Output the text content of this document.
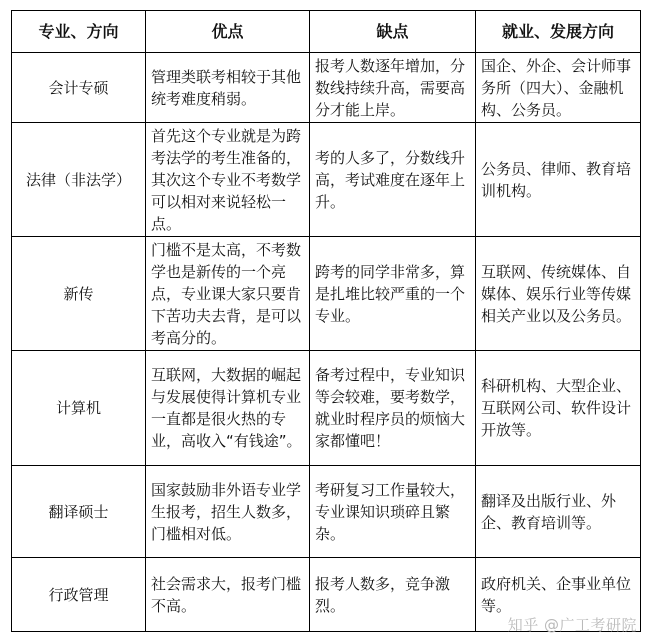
专业、方向	优点	缺点	就业、发展方向
会计专硕	管理类联考相较于其他统考难度稍弱。	报考人数逐年增加，分数线持续升高，需要高分才能上岸。	国企、外企、会计师事务所（四大）、金融机构、公务员。
法律（非法学）	首先这个专业就是为跨考法学的考生准备的，其次这个专业不考数学可以相对来说轻松一点。	考的人多了，分数线升高，考试难度在逐年上升。	公务员、律师、教育培训机构。
新传	门槛不是太高，不考数学也是新传的一个亮点，专业课大家只要肯下苦功夫去背，是可以考高分的。	跨考的同学非常多，算是扎堆比较严重的一个专业。	互联网、传统媒体、自媒体、娱乐行业等传媒相关产业以及公务员。
计算机	互联网，大数据的崛起与发展使得计算机专业一直都是很火热的专业，高收入“有钱途”。	备考过程中，专业知识等会较难，要考数学，就业时程序员的烦恼大家都懂吧！	科研机构、大型企业、互联网公司、软件设计开放等。
翻译硕士	国家鼓励非外语专业学生报考，招生人数多，门槛相对低。	考研复习工作量较大，专业课知识琐碎且繁杂。	翻译及出版行业、外企、教育培训等。
行政管理	社会需求大，报考门槛不高。	报考人数多，竞争激烈。	政府机关、企事业单位等。
知乎 @广工考研院
